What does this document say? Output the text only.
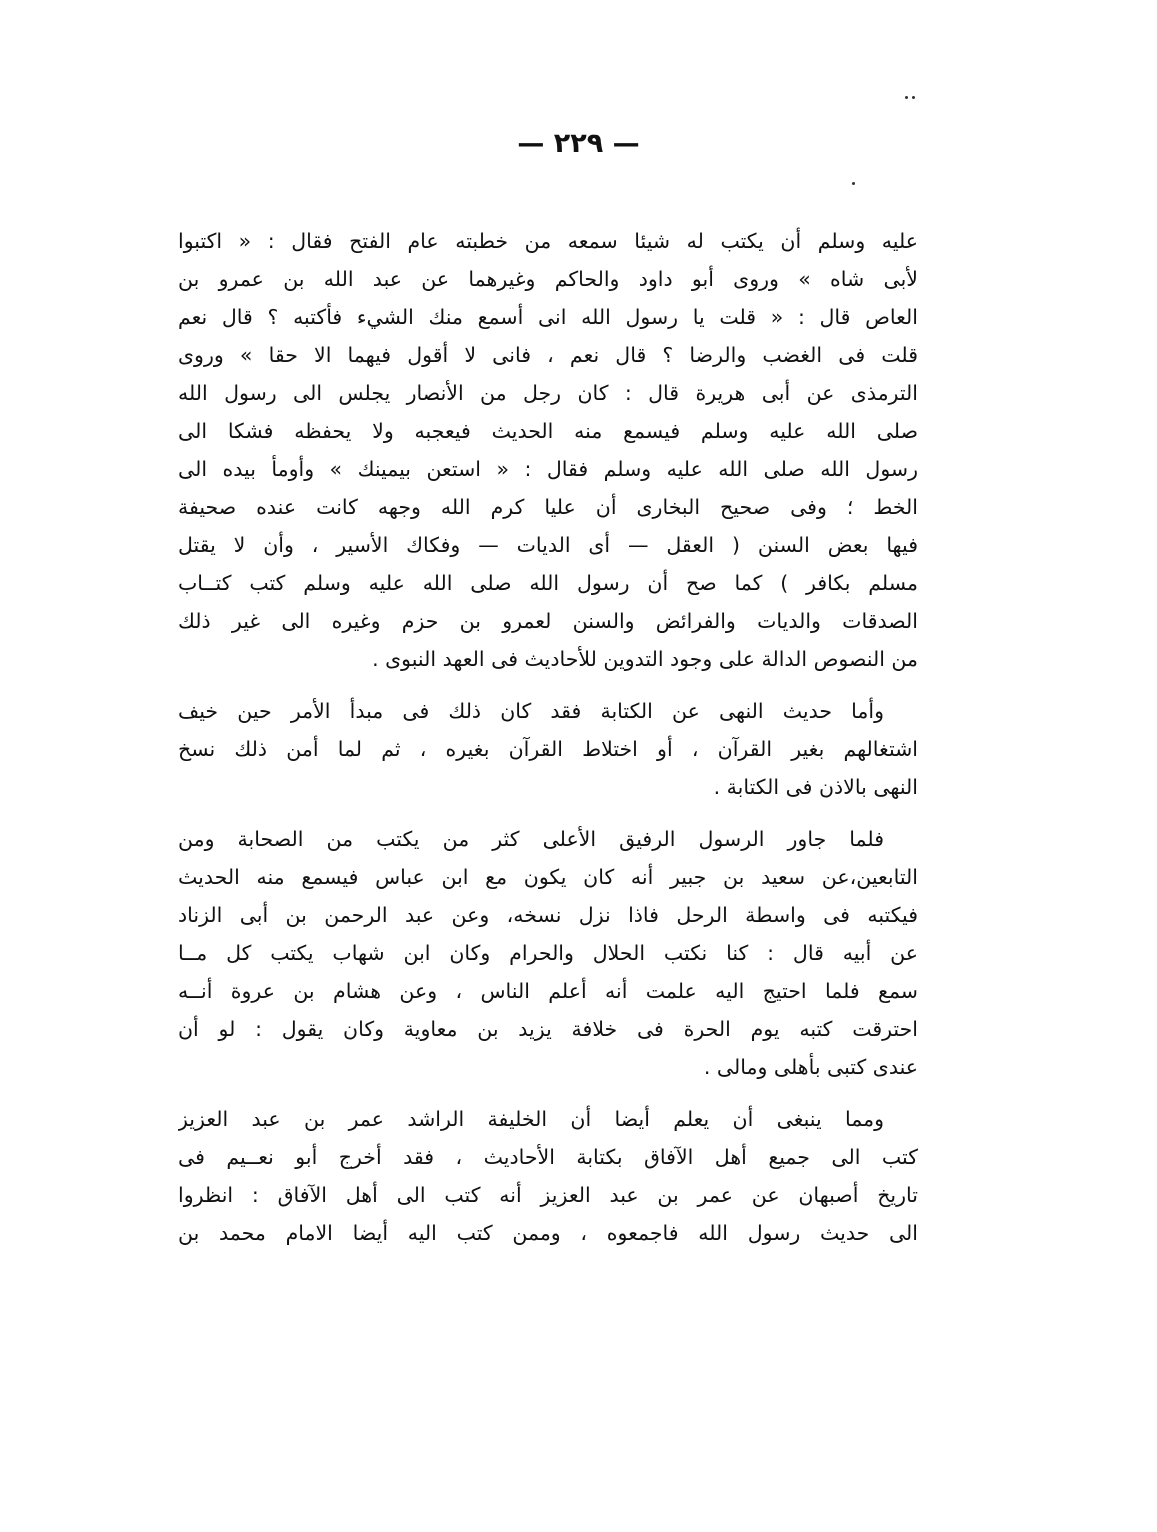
— ٢٢٩ —
عليه وسلم أن يكتب له شيئا سمعه من خطبته عام الفتح فقال : « اكتبوا
لأبى شاه » وروى أبو داود والحاكم وغيرهما عن عبد الله بن عمرو بن
العاص قال : « قلت يا رسول الله انى أسمع منك الشيء فأكتبه ؟ قال نعم
قلت فى الغضب والرضا ؟ قال نعم ، فانى لا أقول فيهما الا حقا » وروى
الترمذى عن أبى هريرة قال : كان رجل من الأنصار يجلس الى رسول الله
صلى الله عليه وسلم فيسمع منه الحديث فيعجبه ولا يحفظه فشكا الى
رسول الله صلى الله عليه وسلم فقال : « استعن بيمينك » وأومأ بيده الى
الخط ؛ وفى صحيح البخارى أن عليا كرم الله وجهه كانت عنده صحيفة
فيها بعض السنن ( العقل — أى الديات — وفكاك الأسير ، وأن لا يقتل
مسلم بكافر ) كما صح أن رسول الله صلى الله عليه وسلم كتب كتــاب
الصدقات والديات والفرائض والسنن لعمرو بن حزم وغيره الى غير ذلك
من النصوص الدالة على وجود التدوين للأحاديث فى العهد النبوى .
وأما حديث النهى عن الكتابة فقد كان ذلك فى مبدأ الأمر حين خيف
اشتغالهم بغير القرآن ، أو اختلاط القرآن بغيره ، ثم لما أمن ذلك نسخ
النهى بالاذن فى الكتابة .
فلما جاور الرسول الرفيق الأعلى كثر من يكتب من الصحابة ومن
التابعين،عن سعيد بن جبير أنه كان يكون مع ابن عباس فيسمع منه الحديث
فيكتبه فى واسطة الرحل فاذا نزل نسخه، وعن عبد الرحمن بن أبى الزناد
عن أبيه قال : كنا نكتب الحلال والحرام وكان ابن شهاب يكتب كل مــا
سمع فلما احتيج اليه علمت أنه أعلم الناس ، وعن هشام بن عروة أنــه
احترقت كتبه يوم الحرة فى خلافة يزيد بن معاوية وكان يقول : لو أن
عندى كتبى بأهلى ومالى .
ومما ينبغى أن يعلم أيضا أن الخليفة الراشد عمر بن عبد العزيز
كتب الى جميع أهل الآفاق بكتابة الأحاديث ، فقد أخرج أبو نعــيم فى
تاريخ أصبهان عن عمر بن عبد العزيز أنه كتب الى أهل الآفاق : انظروا
الى حديث رسول الله فاجمعوه ، وممن كتب اليه أيضا الامام محمد بن
